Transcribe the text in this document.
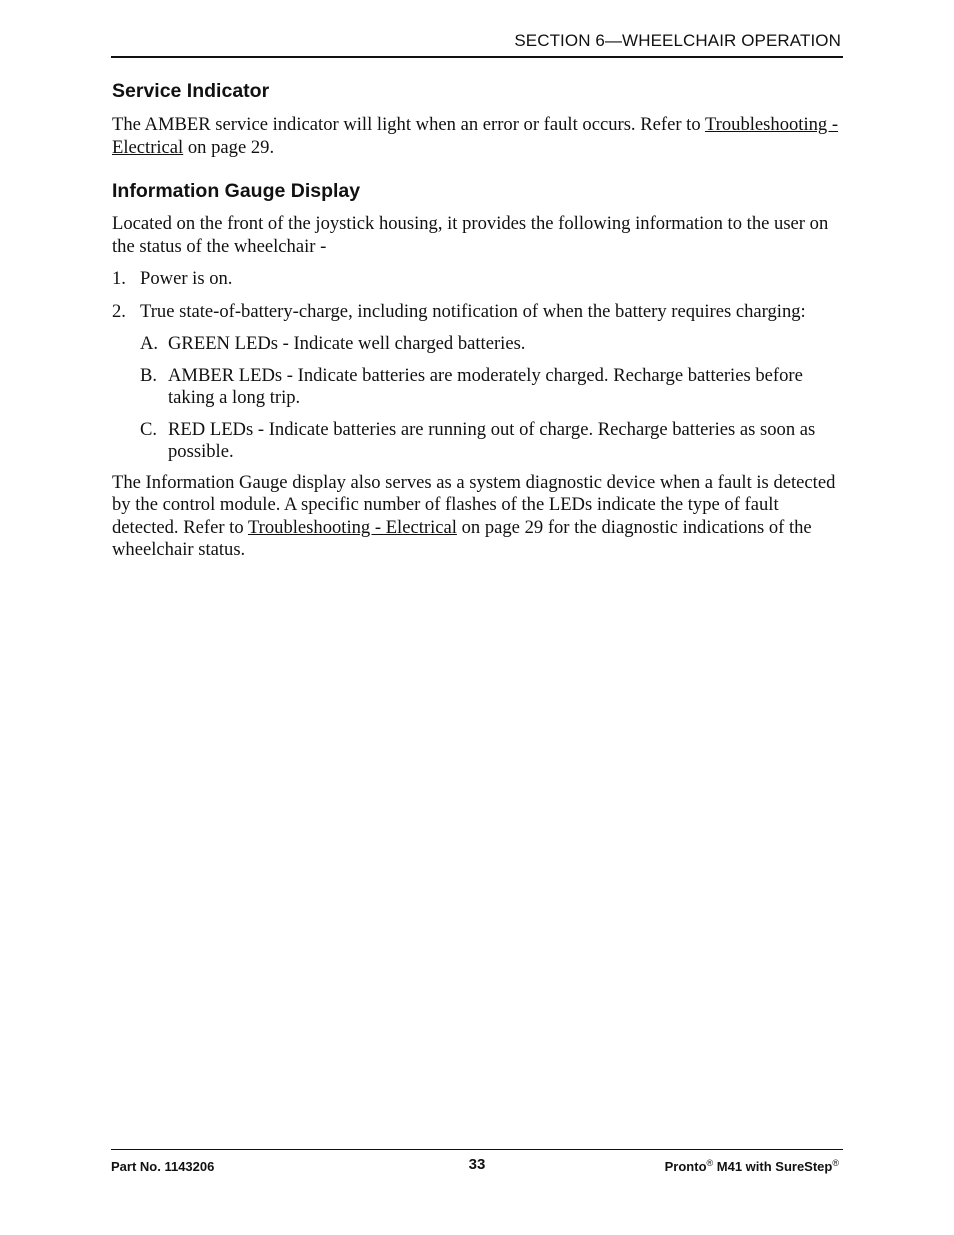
SECTION 6—WHEELCHAIR OPERATION
Service Indicator

The AMBER service indicator will light when an error or fault occurs. Refer to Troubleshooting - Electrical on page 29.

Information Gauge Display

Located on the front of the joystick housing, it provides the following information to the user on the status of the wheelchair -

1. Power is on.
2. True state-of-battery-charge, including notification of when the battery requires charging:
A. GREEN LEDs - Indicate well charged batteries.
B. AMBER LEDs - Indicate batteries are moderately charged. Recharge batteries before taking a long trip.
C. RED LEDs - Indicate batteries are running out of charge. Recharge batteries as soon as possible.

The Information Gauge display also serves as a system diagnostic device when a fault is detected by the control module. A specific number of flashes of the LEDs indicate the type of fault detected. Refer to Troubleshooting - Electrical on page 29 for the diagnostic indications of the wheelchair status.

Part No. 1143206	33	Pronto® M41 with SureStep®
